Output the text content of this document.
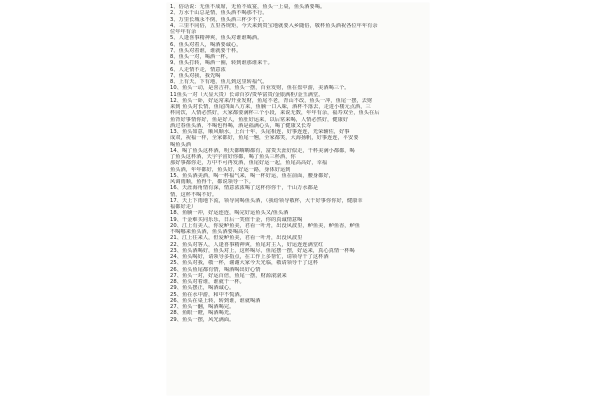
1、俗话说：无鱼不成席，无鱼不成宴，鱼头一上桌，鱼头酒要喝。
2、万水千山总是情，鱼头酒不喝那不行。
3、万里长城永不倒，鱼头酒三杯少不了。
4、三里不同俗，五里各规矩，今天来到贵宝地就要入乡随俗，敬杯鱼头酒祝各位年年有余
位年年有余
5、人逢喜事精神爽，鱼头对谁谁喝酒。
6、鱼头对着人，喝酒要诚心。
7、鱼头对着谁，谁就要干杯。
8、鱼头一对，喝酒一杯。
9、鱼头打转，喝酒一圈，转到谁那谁来干。
6、人走情不走，情意浓
7、鱼头对我，我先喝
8、上有天，下有地，鱼儿到这里转福气。
10、鱼头一动，是喜吉祥，鱼头一摆，百业发财，鱼在盘中游，美酒喝三个。
11鱼头一对（大显大贵）长命百岁/贵华富贵/金银满柜/金玉满堂。
12、鱼头一卧，好运常来/开业发财，鱼尾不老，青山不改，鱼头一冲，鱼尾一摆，去财
来到 鱼头对长情，鱼尾四面八方来，鱼腩一口入味，酒杯不落去，走进小楼元点酒，三
杯同饮，人情必然好，大家都要满杯三个小段，来说无数，年年有余，福寿双全，鱼头在后
鱼背好事情你好，鱼是好人，鱼肚好运来，以后常来喝，人情必然好，健康好
酒过春鱼头酒，不喝也得喝，酒是福满心头，喝了健康又长寿
13、鱼头如意，顺风顺水，上台十年，头尾相连，好事连连，光荣辅佐，好事
成双，祝福一样，全家都好，鱼尾一翘，全家都笑，大海扬帆，好事连连，平安要
喝鱼头酒
14、喝了鱼头这杯酒，明天都嗨嗨都有，富贵天涯好似走，干杯美满小都都，喝
了鱼头这杯酒，天宇宇宙好你都，喝了鱼头三杯酒，你
那好事都你走，万中不可再发酒，鱼尾好运一起，鱼尾高高好，幸福
鱼头酒，年年都好，鱼头好，好运一路，身体好运到
15、鱼头酒美酒，喝一杯福气来，喝一杯好运，鱼在前面，腰身都好，
风调雨顺，鱼得千，都说领导一下。
16、天涯海角情有深，情意浓浓喝了这杯你你干，干山万水都是
情，这杯不喝不好。
17、天上下雨地下流，领导同喝鱼头酒，（我给领导敬杯，大干好事你你好，健康幸
福都好走）
18、鱼腩一冲，好运连连，喝完好运鱼头又/鱼头酒
19、千金难买同乐乐，日后一笑值千金，你的真诚情意喝
20、江上有美人，你爱鲈鱼美，君看一叶舟，出没风波里，鲈鱼美，鲈鱼香，鲈鱼
不喝哪来鱼头酒，鱼头酒要喝高兴
21、江上往来人，但爱鲈鱼美，君看一叶舟，出没风波里
22、鱼头对客人，人逢喜事精神爽，鱼尾对主人，好运连连满堂红
23、鱼头酒喝好，鱼头对上，这杯喝尽，鱼尾摆一摆，好运来，真心真情一杯喝
24、鱼头喝好，请领导多指点，在工作上多帮忙，请领导干了这杯酒
25、鱼头对我，敬一杯，谢谢大家今天光临，敬请领导干了这杯
26、鱼头鱼尾都有情，喝酒喝出好心情
27、鱼头一对，好运百倍，鱼尾一摆，财源滚滚来
28、鱼头对着谁，谁就干一杯。
29、鱼头摆正，喝酒诚心。
25、鱼在水中游，和中不慌酒。
26、鱼头在桌上转，转到谁，谁就喝酒
27、鱼头一翻，喝酒喝完。
28、鱼眼一瞪，喝酒喝光。
29、鱼头一摆，风光满面。
